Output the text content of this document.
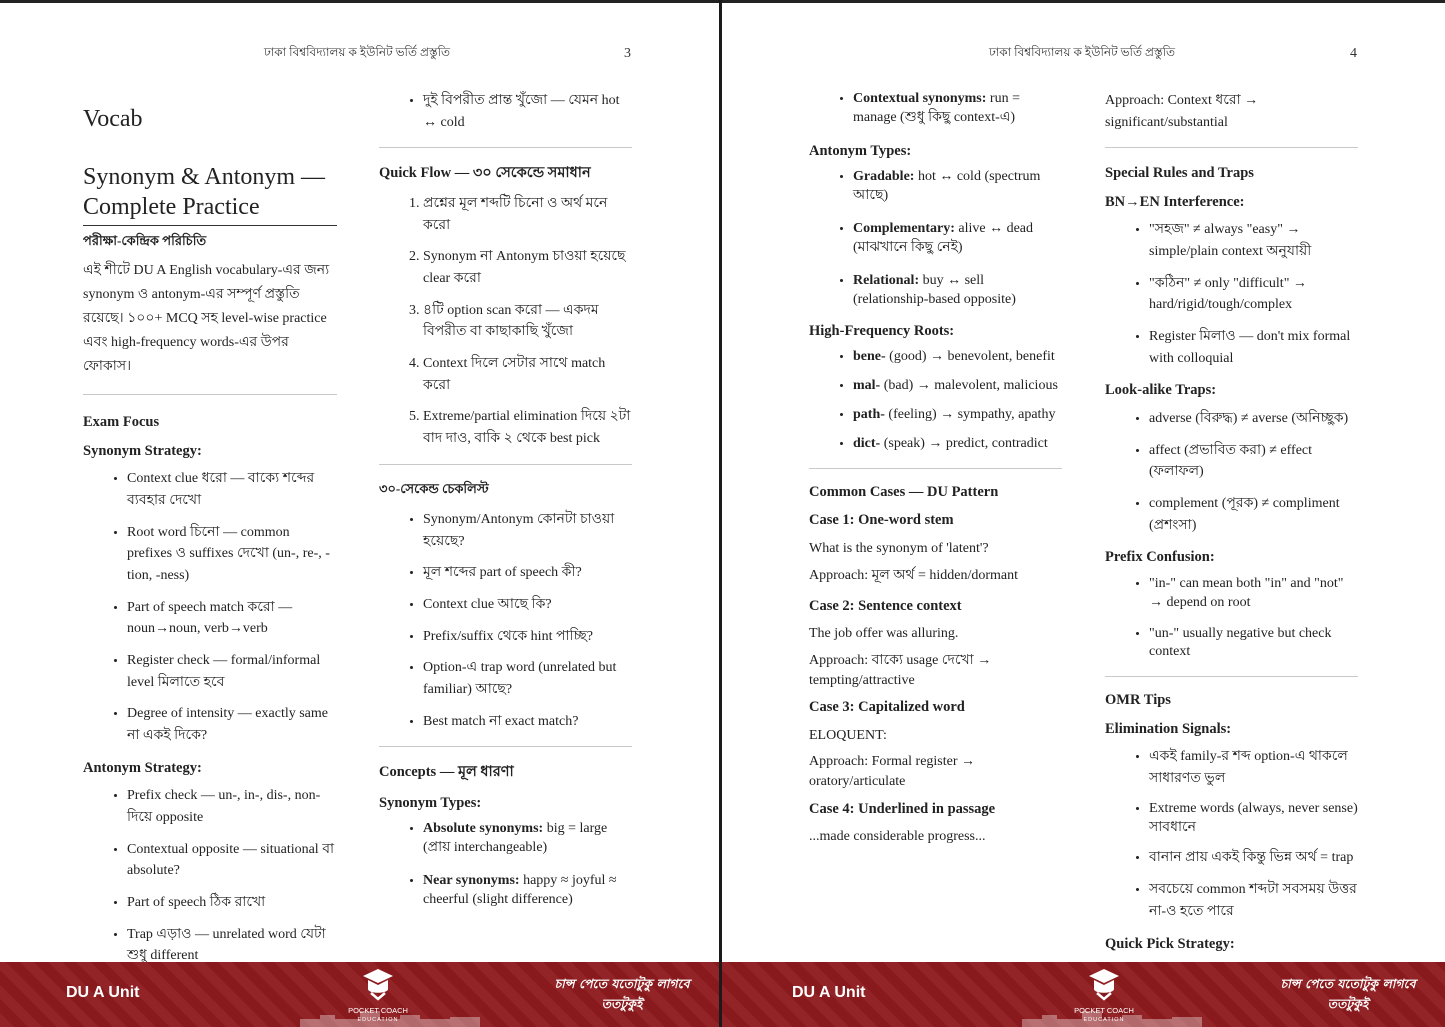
ঢাকা বিশ্ববিদ্যালয় ক ইউনিট ভর্তি প্রস্তুতি	3
Vocab
Synonym & Antonym — Complete Practice
পরীক্ষা-কেন্দ্রিক পরিচিতি

এই শীটে DU A English vocabulary-এর জন্য synonym ও antonym-এর সম্পূর্ণ প্রস্তুতি রয়েছে। ১০০+ MCQ সহ level-wise practice এবং high-frequency words-এর উপর ফোকাস।

Exam Focus
Synonym Strategy:
• Context clue ধরো — বাক্যে শব্দের ব্যবহার দেখো
• Root word চিনো — common prefixes ও suffixes দেখো (un-, re-, -tion, -ness)
• Part of speech match করো — noun→noun, verb→verb
• Register check — formal/informal level মিলাতে হবে
• Degree of intensity — exactly same না একই দিকে?
Antonym Strategy:
• Prefix check — un-, in-, dis-, non- দিয়ে opposite
• Contextual opposite — situational বা absolute?
• Part of speech ঠিক রাখো
• Trap এড়াও — unrelated word যেটা শুধু different
• দুই বিপরীত প্রান্ত খুঁজো — যেমন hot ↔ cold
Quick Flow — ৩০ সেকেন্ডে সমাধান
1. প্রশ্নের মূল শব্দটি চিনো ও অর্থ মনে করো
2. Synonym না Antonym চাওয়া হয়েছে clear করো
3. ৪টি option scan করো — একদম বিপরীত বা কাছাকাছি খুঁজো
4. Context দিলে সেটার সাথে match করো
5. Extreme/partial elimination দিয়ে ২টা বাদ দাও, বাকি ২ থেকে best pick
৩০-সেকেন্ড চেকলিস্ট
• Synonym/Antonym কোনটা চাওয়া হয়েছে?
• মূল শব্দের part of speech কী?
• Context clue আছে কি?
• Prefix/suffix থেকে hint পাচ্ছি?
• Option-এ trap word (unrelated but familiar) আছে?
• Best match না exact match?
Concepts — মূল ধারণা
Synonym Types:
• Absolute synonyms: big = large (প্রায় interchangeable)
• Near synonyms: happy ≈ joyful ≈ cheerful (slight difference)
ঢাকা বিশ্ববিদ্যালয় ক ইউনিট ভর্তি প্রস্তুতি	4
• Contextual synonyms: run = manage (শুধু কিছু context-এ)
Antonym Types:
• Gradable: hot ↔ cold (spectrum আছে)
• Complementary: alive ↔ dead (মাঝখানে কিছু নেই)
• Relational: buy ↔ sell (relationship-based opposite)
High-Frequency Roots:
• bene- (good) → benevolent, benefit
• mal- (bad) → malevolent, malicious
• path- (feeling) → sympathy, apathy
• dict- (speak) → predict, contradict
Common Cases — DU Pattern
Case 1: One-word stem

What is the synonym of 'latent'?

Approach: মূল অর্থ = hidden/dormant

Case 2: Sentence context

The job offer was alluring.

Approach: বাক্যে usage দেখো → tempting/attractive

Case 3: Capitalized word

ELOQUENT:

Approach: Formal register → oratory/articulate

Case 4: Underlined in passage

...made considerable progress...

Approach: Context ধরো → significant/substantial

Special Rules and Traps
BN→EN Interference:
• "সহজ" ≠ always "easy" → simple/plain context অনুযায়ী
• "কঠিন" ≠ only "difficult" → hard/rigid/tough/complex
• Register মিলাও — don't mix formal with colloquial
Look-alike Traps:
• adverse (বিরুদ্ধ) ≠ averse (অনিচ্ছুক)
• affect (প্রভাবিত করা) ≠ effect (ফলাফল)
• complement (পূরক) ≠ compliment (প্রশংসা)
Prefix Confusion:
• "in-" can mean both "in" and "not" → depend on root
• "un-" usually negative but check context
OMR Tips
Elimination Signals:
• একই family-র শব্দ option-এ থাকলে সাধারণত ভুল
• Extreme words (always, never sense) সাবধানে
• বানান প্রায় একই কিন্তু ভিন্ন অর্থ = trap
• সবচেয়ে common শব্দটা সবসময় উত্তর না-ও হতে পারে
Quick Pick Strategy:
DU A Unit
POCKET COACH
EDUCATION
চান্স পেতে যতোটুকু লাগবে
ততটুকুই
DU A Unit
POCKET COACH
EDUCATION
চান্স পেতে যতোটুকু লাগবে
ততটুকুই
